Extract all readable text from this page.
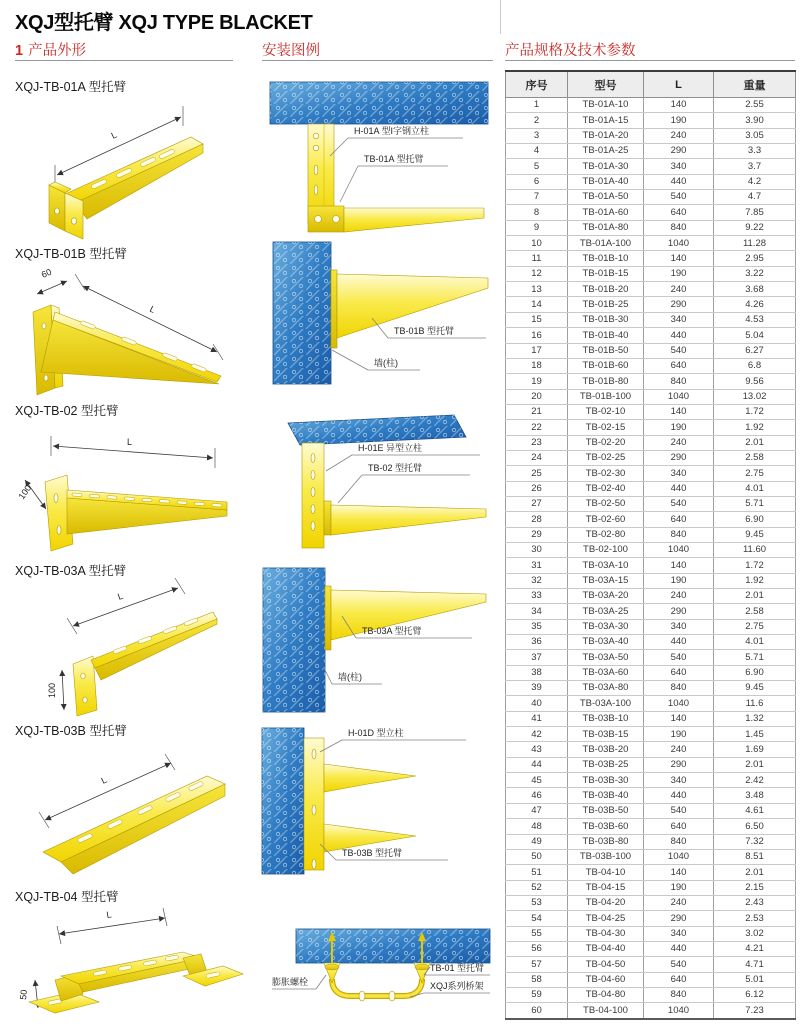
XQJ型托臂 XQJ TYPE BLACKET
1 产品外形	安装图例	产品规格及技术参数
XQJ-TB-01A 型托臂
XQJ-TB-01B 型托臂
XQJ-TB-02 型托臂
XQJ-TB-03A 型托臂
XQJ-TB-03B 型托臂
XQJ-TB-04 型托臂
L
60
L
L
100
L
100
L
L
50
H-01A 型I字钢立柱
TB-01A 型托臂
TB-01B 型托臂
墙(柱)
H-01E 异型立柱
TB-02 型托臂
TB-03A 型托臂
墙(柱)
H-01D 型立柱
TB-03B 型托臂
膨胀螺栓
TB-01 型托臂
XQJ系列桥架
序号	型号	L	重量
1	TB-01A-10	140	2.55
2	TB-01A-15	190	3.90
3	TB-01A-20	240	3.05
4	TB-01A-25	290	3.3
5	TB-01A-30	340	3.7
6	TB-01A-40	440	4.2
7	TB-01A-50	540	4.7
8	TB-01A-60	640	7.85
9	TB-01A-80	840	9.22
10	TB-01A-100	1040	11.28
11	TB-01B-10	140	2.95
12	TB-01B-15	190	3.22
13	TB-01B-20	240	3.68
14	TB-01B-25	290	4.26
15	TB-01B-30	340	4.53
16	TB-01B-40	440	5.04
17	TB-01B-50	540	6.27
18	TB-01B-60	640	6.8
19	TB-01B-80	840	9.56
20	TB-01B-100	1040	13.02
21	TB-02-10	140	1.72
22	TB-02-15	190	1.92
23	TB-02-20	240	2.01
24	TB-02-25	290	2.58
25	TB-02-30	340	2.75
26	TB-02-40	440	4.01
27	TB-02-50	540	5.71
28	TB-02-60	640	6.90
29	TB-02-80	840	9.45
30	TB-02-100	1040	11.60
31	TB-03A-10	140	1.72
32	TB-03A-15	190	1.92
33	TB-03A-20	240	2.01
34	TB-03A-25	290	2.58
35	TB-03A-30	340	2.75
36	TB-03A-40	440	4.01
37	TB-03A-50	540	5.71
38	TB-03A-60	640	6.90
39	TB-03A-80	840	9.45
40	TB-03A-100	1040	11.6
41	TB-03B-10	140	1.32
42	TB-03B-15	190	1.45
43	TB-03B-20	240	1.69
44	TB-03B-25	290	2.01
45	TB-03B-30	340	2.42
46	TB-03B-40	440	3.48
47	TB-03B-50	540	4.61
48	TB-03B-60	640	6.50
49	TB-03B-80	840	7.32
50	TB-03B-100	1040	8.51
51	TB-04-10	140	2.01
52	TB-04-15	190	2.15
53	TB-04-20	240	2.43
54	TB-04-25	290	2.53
55	TB-04-30	340	3.02
56	TB-04-40	440	4.21
57	TB-04-50	540	4.71
58	TB-04-60	640	5.01
59	TB-04-80	840	6.12
60	TB-04-100	1040	7.23
